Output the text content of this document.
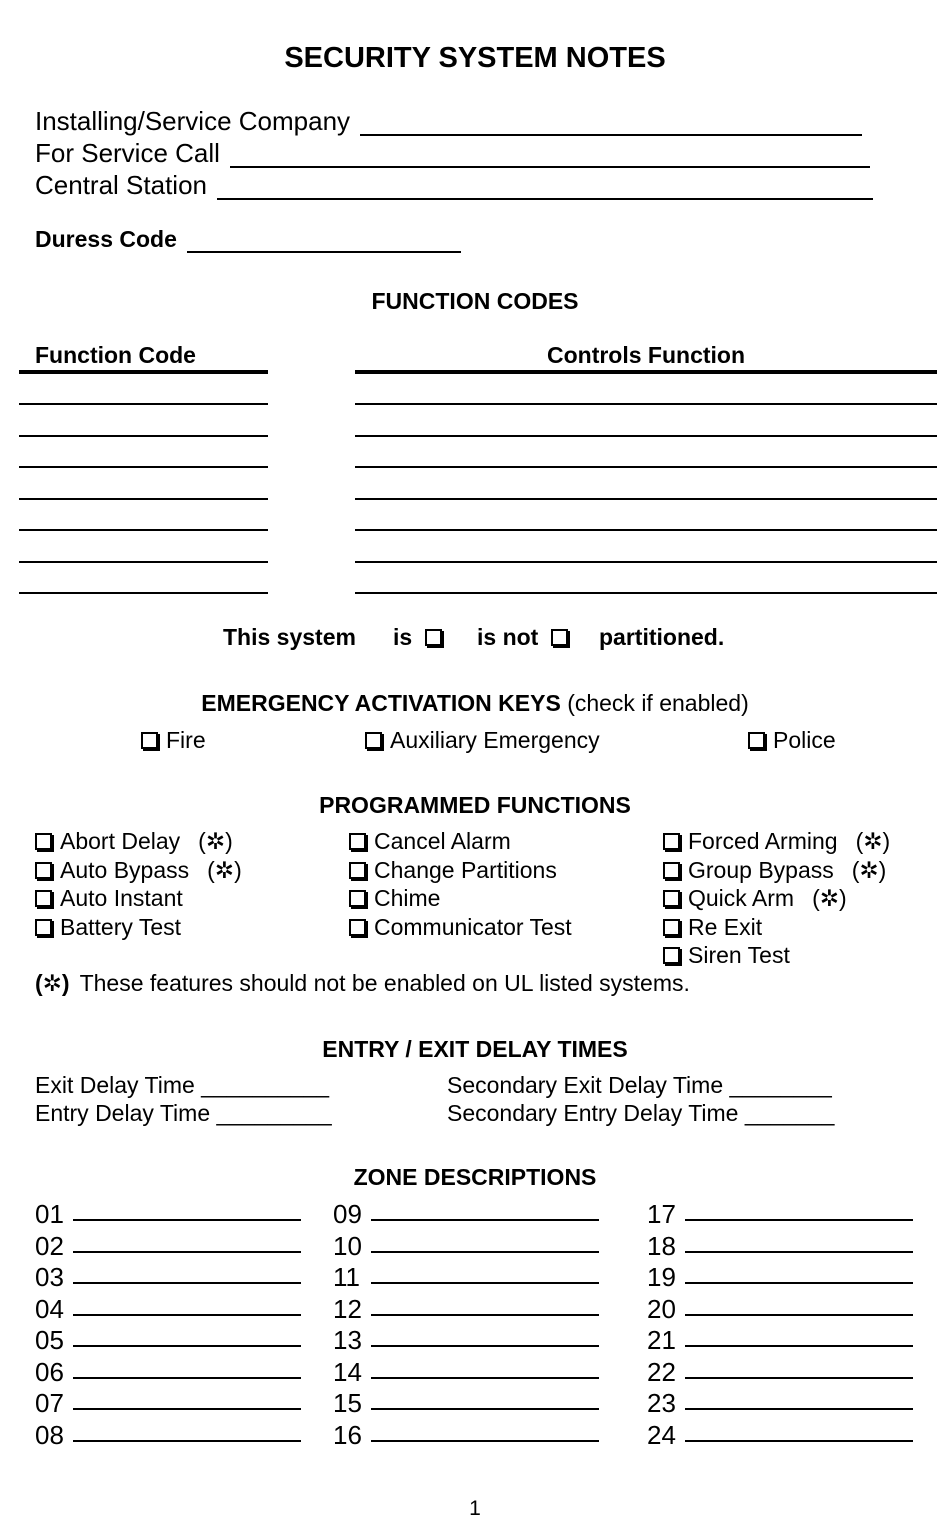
SECURITY SYSTEM NOTES
Installing/Service Company
For Service Call
Central Station
Duress Code
FUNCTION CODES
Function Code	Controls Function
This system is	is not	partitioned.
EMERGENCY ACTIVATION KEYS (check if enabled)
Fire	Auxiliary Emergency	Police
PROGRAMMED FUNCTIONS
Abort Delay (✲)
Auto Bypass (✲)
Auto Instant
Battery Test
Cancel Alarm
Change Partitions
Chime
Communicator Test
Forced Arming (✲)
Group Bypass (✲)
Quick Arm (✲)
Re Exit
Siren Test
(✲) These features should not be enabled on UL listed systems.
ENTRY / EXIT DELAY TIMES
Exit Delay Time __________
Entry Delay Time _________
Secondary Exit Delay Time ________
Secondary Entry Delay Time _______
ZONE DESCRIPTIONS
01
02
03
04
05
06
07
08
09
10
11
12
13
14
15
16
17
18
19
20
21
22
23
24
1
